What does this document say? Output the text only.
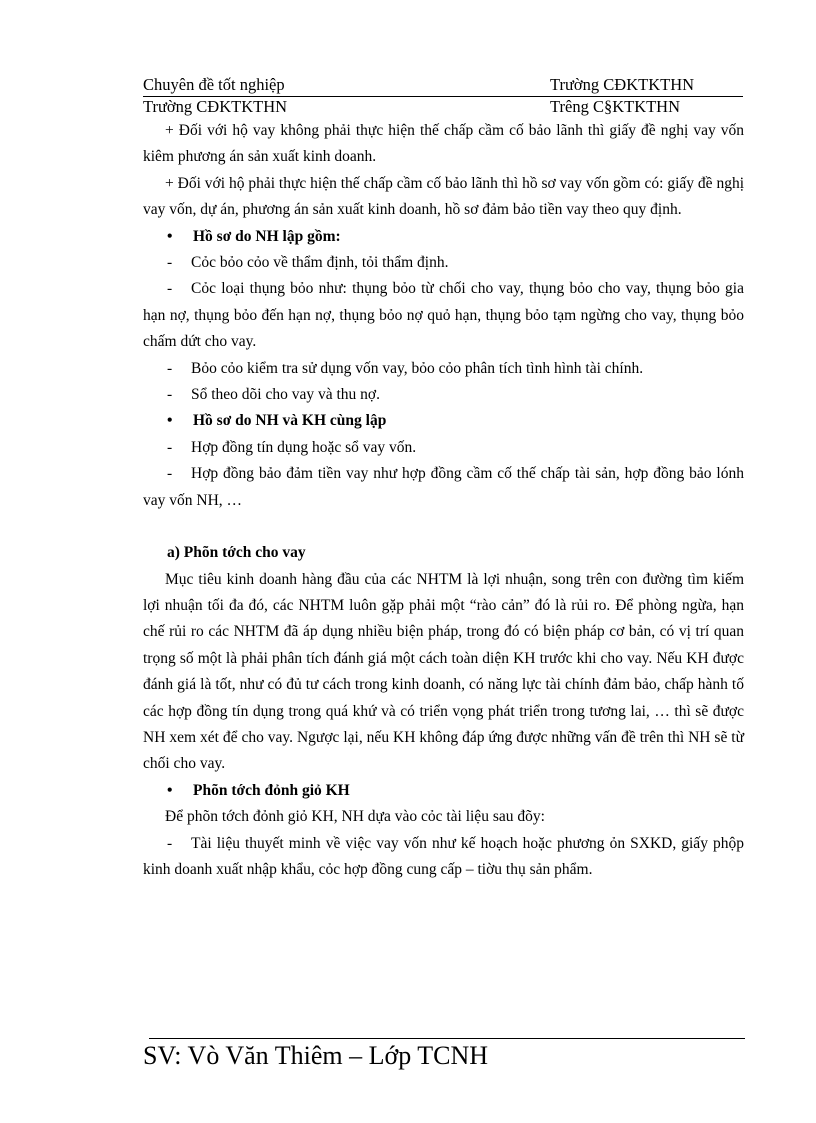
Chuyên đề tốt nghiệp	Trường CĐKTKTHN
Trường CĐKTKTHN	Trêng C§KTKTHN

+ Đối với hộ vay không phải thực hiện thế chấp cầm cố bảo lãnh thì giấy đề nghị vay vốn kiêm phương án sản xuất kinh doanh.

+ Đối với hộ phải thực hiện thế chấp cầm cố bảo lãnh thì hồ sơ vay vốn gồm có: giấy đề nghị vay vốn, dự án, phương án sản xuất kinh doanh, hồ sơ đảm bảo tiền vay theo quy định.

•	Hồ sơ do NH lập gồm:
-	Cỏc bỏo cỏo về thẩm định, tỏi thẩm định.

- Cỏc loại thụng bỏo như: thụng bỏo từ chối cho vay, thụng bỏo cho vay, thụng bỏo gia hạn nợ, thụng bỏo đến hạn nợ, thụng bỏo nợ quỏ hạn, thụng bỏo tạm ngừng cho vay, thụng bỏo chấm dứt cho vay.

-	Bỏo cỏo kiểm tra sử dụng vốn vay, bỏo cỏo phân tích tình hình tài chính.
-	Sổ theo dõi cho vay và thu nợ.
•	Hồ sơ do NH và KH cùng lập
-	Hợp đồng tín dụng hoặc sổ vay vốn.

- Hợp đồng bảo đảm tiền vay như hợp đồng cầm cố thế chấp tài sản, hợp đồng bảo lónh vay vốn NH, …

a) Phõn tớch cho vay

Mục tiêu kinh doanh hàng đầu của các NHTM là lợi nhuận, song trên con đường tìm kiếm lợi nhuận tối đa đó, các NHTM luôn gặp phải một “rào cản” đó là rủi ro. Để phòng ngừa, hạn chế rủi ro các NHTM đã áp dụng nhiều biện pháp, trong đó có biện pháp cơ bản, có vị trí quan trọng số một là phải phân tích đánh giá một cách toàn diện KH trước khi cho vay. Nếu KH được đánh giá là tốt, như có đủ tư cách trong kinh doanh, có năng lực tài chính đảm bảo, chấp hành tố các hợp đồng tín dụng trong quá khứ và có triển vọng phát triển trong tương lai, … thì sẽ được NH xem xét để cho vay. Ngược lại, nếu KH không đáp ứng được những vấn đề trên thì NH sẽ từ chối cho vay.

•	Phõn tớch đỏnh giỏ KH

Để phõn tớch đỏnh giỏ KH, NH dựa vào cỏc tài liệu sau đõy:

- Tài liệu thuyết minh về việc vay vốn như kế hoạch hoặc phương ỏn SXKD, giấy phộp kinh doanh xuất nhập khẩu, cỏc hợp đồng cung cấp – tiờu thụ sản phẩm.

SV: Vò Văn Thiêm – Lớp TCNH
